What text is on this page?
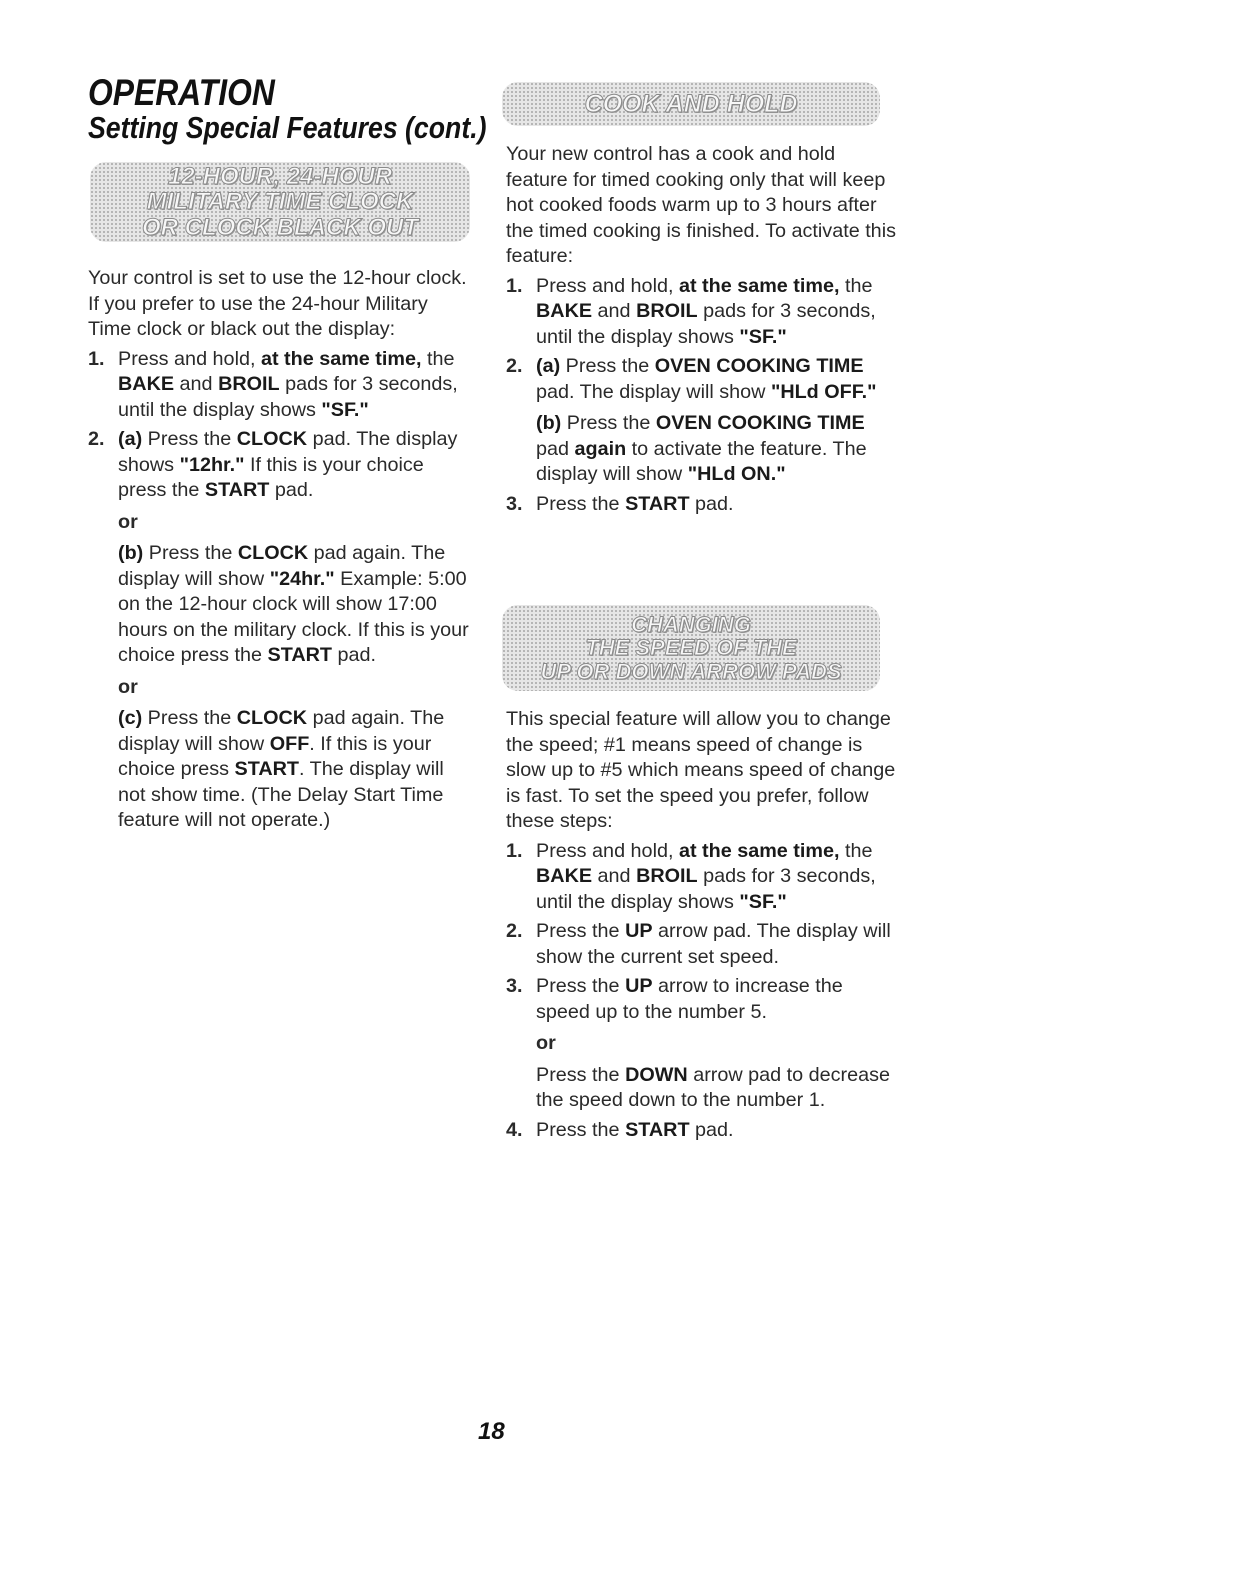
OPERATION
Setting Special Features (cont.)
12-HOUR, 24-HOUR
MILITARY TIME CLOCK
OR CLOCK BLACK OUT

Your control is set to use the 12-hour clock. If you prefer to use the 24-hour Military Time clock or black out the display:

1. Press and hold, at the same time, the BAKE and BROIL pads for 3 seconds, until the display shows "SF."
2. (a) Press the CLOCK pad. The display shows "12hr." If this is your choice press the START pad.
or
(b) Press the CLOCK pad again. The display will show "24hr." Example: 5:00 on the 12-hour clock will show 17:00 hours on the military clock. If this is your choice press the START pad.
or
(c) Press the CLOCK pad again. The display will show OFF. If this is your choice press START. The display will not show time. (The Delay Start Time feature will not operate.)
COOK AND HOLD

Your new control has a cook and hold feature for timed cooking only that will keep hot cooked foods warm up to 3 hours after the timed cooking is finished. To activate this feature:

1. Press and hold, at the same time, the BAKE and BROIL pads for 3 seconds, until the display shows "SF."
2. (a) Press the OVEN COOKING TIME pad. The display will show "HLd OFF."
(b) Press the OVEN COOKING TIME pad again to activate the feature. The display will show "HLd ON."
3. Press the START pad.
CHANGING
THE SPEED OF THE
UP OR DOWN ARROW PADS

This special feature will allow you to change the speed; #1 means speed of change is slow up to #5 which means speed of change is fast. To set the speed you prefer, follow these steps:

1. Press and hold, at the same time, the BAKE and BROIL pads for 3 seconds, until the display shows "SF."
2. Press the UP arrow pad. The display will show the current set speed.
3. Press the UP arrow to increase the speed up to the number 5.
or
Press the DOWN arrow pad to decrease the speed down to the number 1.
4. Press the START pad.
18
